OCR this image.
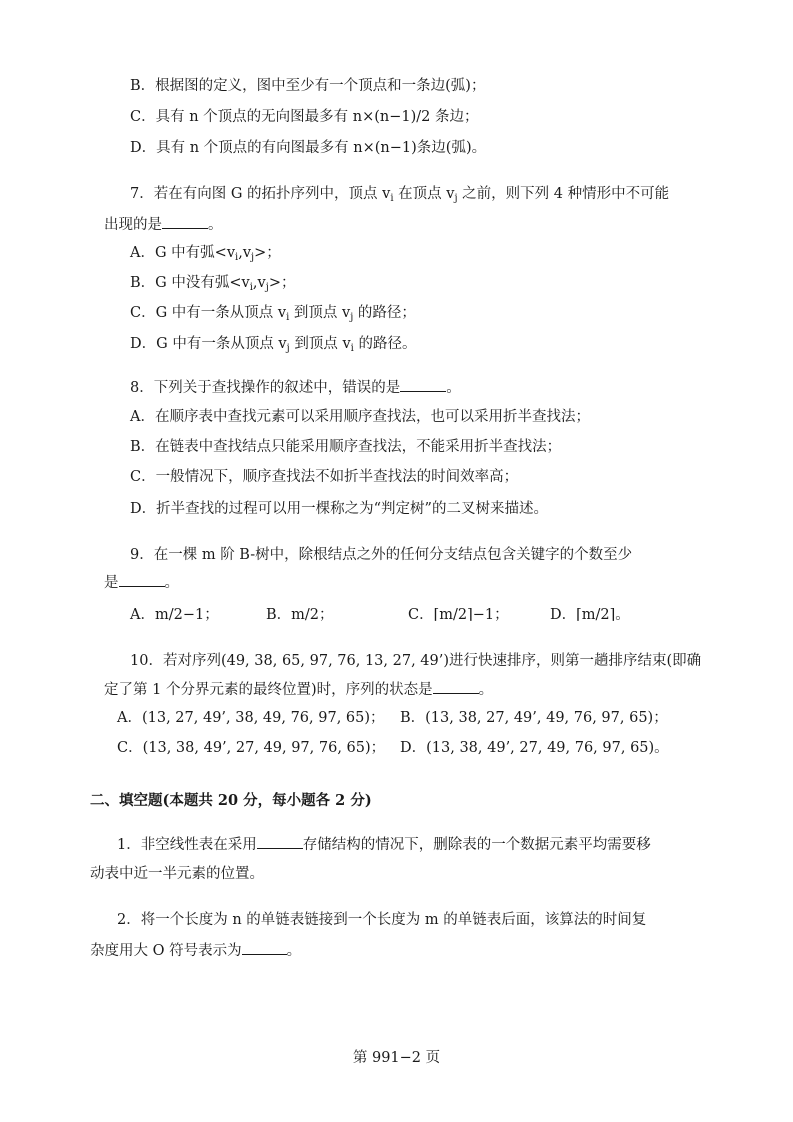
B．根据图的定义，图中至少有一个顶点和一条边(弧)；
C．具有 n 个顶点的无向图最多有 n×(n−1)/2 条边；
D．具有 n 个顶点的有向图最多有 n×(n−1)条边(弧)。
7．若在有向图 G 的拓扑序列中，顶点 $v_i$ 在顶点 $v_j$ 之前，则下列 4 种情形中不可能
出现的是	。
A．G 中有弧$<v_i,v_j>$；
B．G 中没有弧$<v_i,v_j>$；
C．G 中有一条从顶点 $v_i$ 到顶点 $v_j$ 的路径；
D．G 中有一条从顶点 $v_j$ 到顶点 $v_i$ 的路径。
8．下列关于查找操作的叙述中，错误的是	。
A．在顺序表中查找元素可以采用顺序查找法，也可以采用折半查找法；
B．在链表中查找结点只能采用顺序查找法，不能采用折半查找法；
C．一般情况下，顺序查找法不如折半查找法的时间效率高；
D．折半查找的过程可以用一棵称之为“判定树”的二叉树来描述。
9．在一棵 m 阶 B-树中，除根结点之外的任何分支结点包含关键字的个数至少
是	。
A．m/2−1；	B．m/2；	C．⌈m/2⌉−1；	D．⌈m/2⌉。
10．若对序列(49, 38, 65, 97, 76, 13, 27, 49’)进行快速排序，则第一趟排序结束(即确
定了第 1 个分界元素的最终位置)时，序列的状态是	。
A．(13, 27, 49’, 38, 49, 76, 97, 65)； B．(13, 38, 27, 49’, 49, 76, 97, 65)；
C．(13, 38, 49’, 27, 49, 97, 76, 65)； D．(13, 38, 49’, 27, 49, 76, 97, 65)。
二、填空题(本题共 20 分，每小题各 2 分)
1．非空线性表在采用	存储结构的情况下，删除表的一个数据元素平均需要移
动表中近一半元素的位置。
2．将一个长度为 n 的单链表链接到一个长度为 m 的单链表后面，该算法的时间复
杂度用大 O 符号表示为	。
第 991−2 页
